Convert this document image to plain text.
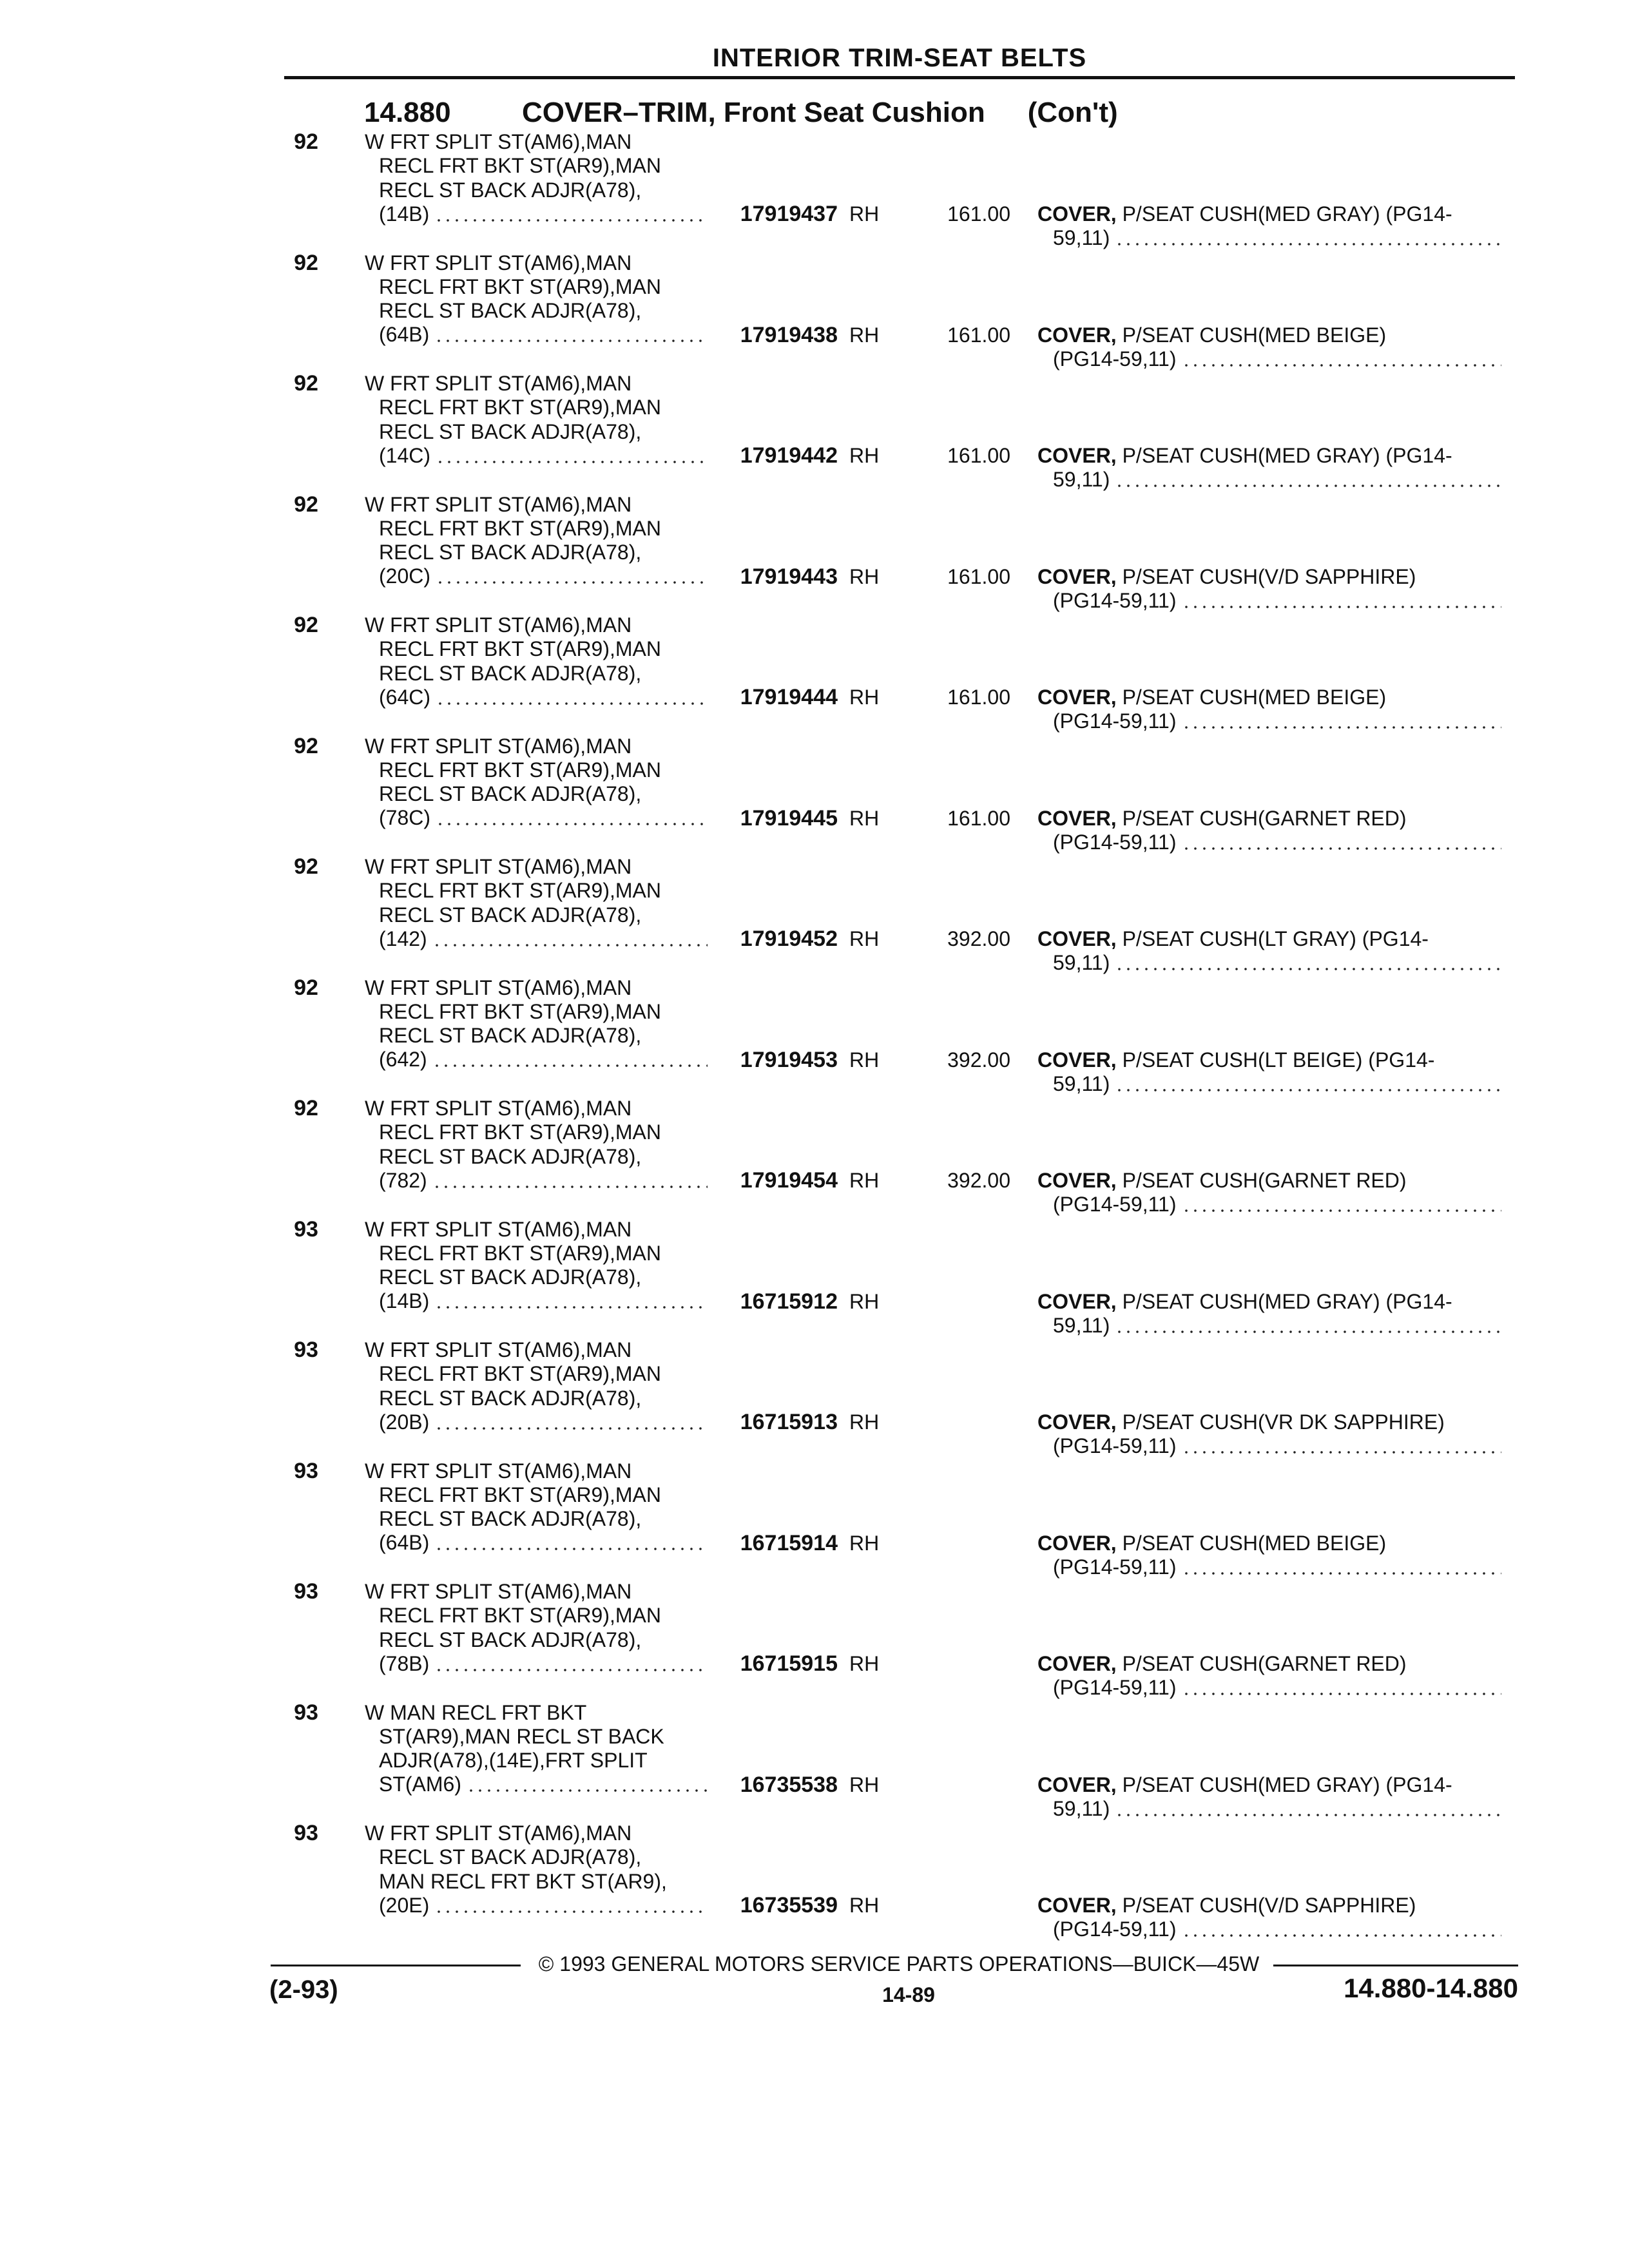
INTERIOR TRIM-SEAT BELTS
14.880	COVER–TRIM, Front Seat Cushion (Con't)
92	W FRT SPLIT ST(AM6),MAN
RECL FRT BKT ST(AR9),MAN
RECL ST BACK ADJR(A78),
(14B)	17919437 RH	161.00 COVER, P/SEAT CUSH(MED GRAY) (PG14-
59,11)
92	W FRT SPLIT ST(AM6),MAN
RECL FRT BKT ST(AR9),MAN
RECL ST BACK ADJR(A78),
(64B)	17919438 RH	161.00 COVER, P/SEAT CUSH(MED BEIGE)
(PG14-59,11)
92	W FRT SPLIT ST(AM6),MAN
RECL FRT BKT ST(AR9),MAN
RECL ST BACK ADJR(A78),
(14C)	17919442 RH	161.00 COVER, P/SEAT CUSH(MED GRAY) (PG14-
59,11)
92	W FRT SPLIT ST(AM6),MAN
RECL FRT BKT ST(AR9),MAN
RECL ST BACK ADJR(A78),
(20C)	17919443 RH	161.00 COVER, P/SEAT CUSH(V/D SAPPHIRE)
(PG14-59,11)
92	W FRT SPLIT ST(AM6),MAN
RECL FRT BKT ST(AR9),MAN
RECL ST BACK ADJR(A78),
(64C)	17919444 RH	161.00 COVER, P/SEAT CUSH(MED BEIGE)
(PG14-59,11)
92	W FRT SPLIT ST(AM6),MAN
RECL FRT BKT ST(AR9),MAN
RECL ST BACK ADJR(A78),
(78C)	17919445 RH	161.00 COVER, P/SEAT CUSH(GARNET RED)
(PG14-59,11)
92	W FRT SPLIT ST(AM6),MAN
RECL FRT BKT ST(AR9),MAN
RECL ST BACK ADJR(A78),
(142)	17919452 RH	392.00 COVER, P/SEAT CUSH(LT GRAY) (PG14-
59,11)
92	W FRT SPLIT ST(AM6),MAN
RECL FRT BKT ST(AR9),MAN
RECL ST BACK ADJR(A78),
(642)	17919453 RH	392.00 COVER, P/SEAT CUSH(LT BEIGE) (PG14-
59,11)
92	W FRT SPLIT ST(AM6),MAN
RECL FRT BKT ST(AR9),MAN
RECL ST BACK ADJR(A78),
(782)	17919454 RH	392.00 COVER, P/SEAT CUSH(GARNET RED)
(PG14-59,11)
93	W FRT SPLIT ST(AM6),MAN
RECL FRT BKT ST(AR9),MAN
RECL ST BACK ADJR(A78),
(14B)	16715912 RH	COVER, P/SEAT CUSH(MED GRAY) (PG14-
59,11)
93	W FRT SPLIT ST(AM6),MAN
RECL FRT BKT ST(AR9),MAN
RECL ST BACK ADJR(A78),
(20B)	16715913 RH	COVER, P/SEAT CUSH(VR DK SAPPHIRE)
(PG14-59,11)
93	W FRT SPLIT ST(AM6),MAN
RECL FRT BKT ST(AR9),MAN
RECL ST BACK ADJR(A78),
(64B)	16715914 RH	COVER, P/SEAT CUSH(MED BEIGE)
(PG14-59,11)
93	W FRT SPLIT ST(AM6),MAN
RECL FRT BKT ST(AR9),MAN
RECL ST BACK ADJR(A78),
(78B)	16715915 RH	COVER, P/SEAT CUSH(GARNET RED)
(PG14-59,11)
93	W MAN RECL FRT BKT
ST(AR9),MAN RECL ST BACK
ADJR(A78),(14E),FRT SPLIT
ST(AM6)	16735538 RH	COVER, P/SEAT CUSH(MED GRAY) (PG14-
59,11)
93	W FRT SPLIT ST(AM6),MAN
RECL ST BACK ADJR(A78),
MAN RECL FRT BKT ST(AR9),
(20E)	16735539 RH	COVER, P/SEAT CUSH(V/D SAPPHIRE)
(PG14-59,11)
© 1993 GENERAL MOTORS SERVICE PARTS OPERATIONS—BUICK—45W
(2-93)	14-89	14.880-14.880
